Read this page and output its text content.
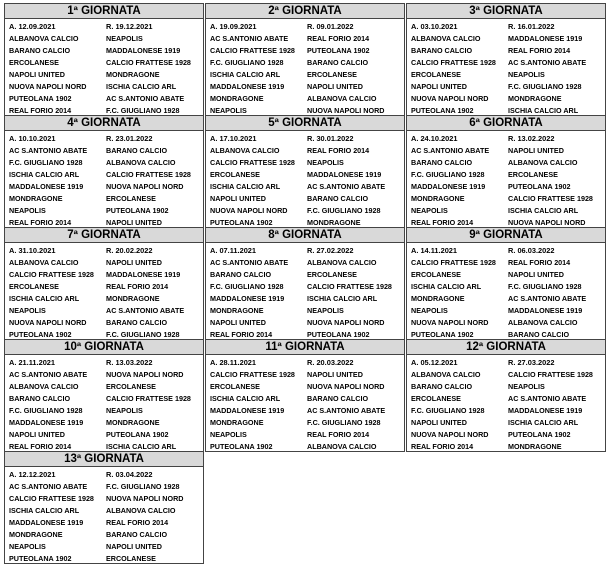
1ª GIORNATA
A. 12.09.2021	R. 19.12.2021
ALBANOVA CALCIO	NEAPOLIS
BARANO CALCIO	MADDALONESE 1919
ERCOLANESE	CALCIO FRATTESE 1928
NAPOLI UNITED	MONDRAGONE
NUOVA NAPOLI NORD	ISCHIA CALCIO ARL
PUTEOLANA 1902	AC S.ANTONIO ABATE
REAL FORIO 2014	F.C. GIUGLIANO 1928
2ª GIORNATA
A. 19.09.2021	R. 09.01.2022
AC S.ANTONIO ABATE	REAL FORIO 2014
CALCIO FRATTESE 1928	PUTEOLANA 1902
F.C. GIUGLIANO 1928	BARANO CALCIO
ISCHIA CALCIO ARL	ERCOLANESE
MADDALONESE 1919	NAPOLI UNITED
MONDRAGONE	ALBANOVA CALCIO
NEAPOLIS	NUOVA NAPOLI NORD
3ª GIORNATA
A. 03.10.2021	R. 16.01.2022
ALBANOVA CALCIO	MADDALONESE 1919
BARANO CALCIO	REAL FORIO 2014
CALCIO FRATTESE 1928	AC S.ANTONIO ABATE
ERCOLANESE	NEAPOLIS
NAPOLI UNITED	F.C. GIUGLIANO 1928
NUOVA NAPOLI NORD	MONDRAGONE
PUTEOLANA 1902	ISCHIA CALCIO ARL
4ª GIORNATA
A. 10.10.2021	R. 23.01.2022
AC S.ANTONIO ABATE	BARANO CALCIO
F.C. GIUGLIANO 1928	ALBANOVA CALCIO
ISCHIA CALCIO ARL	CALCIO FRATTESE 1928
MADDALONESE 1919	NUOVA NAPOLI NORD
MONDRAGONE	ERCOLANESE
NEAPOLIS	PUTEOLANA 1902
REAL FORIO 2014	NAPOLI UNITED
5ª GIORNATA
A. 17.10.2021	R. 30.01.2022
ALBANOVA CALCIO	REAL FORIO 2014
CALCIO FRATTESE 1928	NEAPOLIS
ERCOLANESE	MADDALONESE 1919
ISCHIA CALCIO ARL	AC S.ANTONIO ABATE
NAPOLI UNITED	BARANO CALCIO
NUOVA NAPOLI NORD	F.C. GIUGLIANO 1928
PUTEOLANA 1902	MONDRAGONE
6ª GIORNATA
A. 24.10.2021	R. 13.02.2022
AC S.ANTONIO ABATE	NAPOLI UNITED
BARANO CALCIO	ALBANOVA CALCIO
F.C. GIUGLIANO 1928	ERCOLANESE
MADDALONESE 1919	PUTEOLANA 1902
MONDRAGONE	CALCIO FRATTESE 1928
NEAPOLIS	ISCHIA CALCIO ARL
REAL FORIO 2014	NUOVA NAPOLI NORD
7ª GIORNATA
A. 31.10.2021	R. 20.02.2022
ALBANOVA CALCIO	NAPOLI UNITED
CALCIO FRATTESE 1928	MADDALONESE 1919
ERCOLANESE	REAL FORIO 2014
ISCHIA CALCIO ARL	MONDRAGONE
NEAPOLIS	AC S.ANTONIO ABATE
NUOVA NAPOLI NORD	BARANO CALCIO
PUTEOLANA 1902	F.C. GIUGLIANO 1928
8ª GIORNATA
A. 07.11.2021	R. 27.02.2022
AC S.ANTONIO ABATE	ALBANOVA CALCIO
BARANO CALCIO	ERCOLANESE
F.C. GIUGLIANO 1928	CALCIO FRATTESE 1928
MADDALONESE 1919	ISCHIA CALCIO ARL
MONDRAGONE	NEAPOLIS
NAPOLI UNITED	NUOVA NAPOLI NORD
REAL FORIO 2014	PUTEOLANA 1902
9ª GIORNATA
A. 14.11.2021	R. 06.03.2022
CALCIO FRATTESE 1928	REAL FORIO 2014
ERCOLANESE	NAPOLI UNITED
ISCHIA CALCIO ARL	F.C. GIUGLIANO 1928
MONDRAGONE	AC S.ANTONIO ABATE
NEAPOLIS	MADDALONESE 1919
NUOVA NAPOLI NORD	ALBANOVA CALCIO
PUTEOLANA 1902	BARANO CALCIO
10ª GIORNATA
A. 21.11.2021	R. 13.03.2022
AC S.ANTONIO ABATE	NUOVA NAPOLI NORD
ALBANOVA CALCIO	ERCOLANESE
BARANO CALCIO	CALCIO FRATTESE 1928
F.C. GIUGLIANO 1928	NEAPOLIS
MADDALONESE 1919	MONDRAGONE
NAPOLI UNITED	PUTEOLANA 1902
REAL FORIO 2014	ISCHIA CALCIO ARL
11ª GIORNATA
A. 28.11.2021	R. 20.03.2022
CALCIO FRATTESE 1928	NAPOLI UNITED
ERCOLANESE	NUOVA NAPOLI NORD
ISCHIA CALCIO ARL	BARANO CALCIO
MADDALONESE 1919	AC S.ANTONIO ABATE
MONDRAGONE	F.C. GIUGLIANO 1928
NEAPOLIS	REAL FORIO 2014
PUTEOLANA 1902	ALBANOVA CALCIO
12ª GIORNATA
A. 05.12.2021	R. 27.03.2022
ALBANOVA CALCIO	CALCIO FRATTESE 1928
BARANO CALCIO	NEAPOLIS
ERCOLANESE	AC S.ANTONIO ABATE
F.C. GIUGLIANO 1928	MADDALONESE 1919
NAPOLI UNITED	ISCHIA CALCIO ARL
NUOVA NAPOLI NORD	PUTEOLANA 1902
REAL FORIO 2014	MONDRAGONE
13ª GIORNATA
A. 12.12.2021	R. 03.04.2022
AC S.ANTONIO ABATE	F.C. GIUGLIANO 1928
CALCIO FRATTESE 1928	NUOVA NAPOLI NORD
ISCHIA CALCIO ARL	ALBANOVA CALCIO
MADDALONESE 1919	REAL FORIO 2014
MONDRAGONE	BARANO CALCIO
NEAPOLIS	NAPOLI UNITED
PUTEOLANA 1902	ERCOLANESE
